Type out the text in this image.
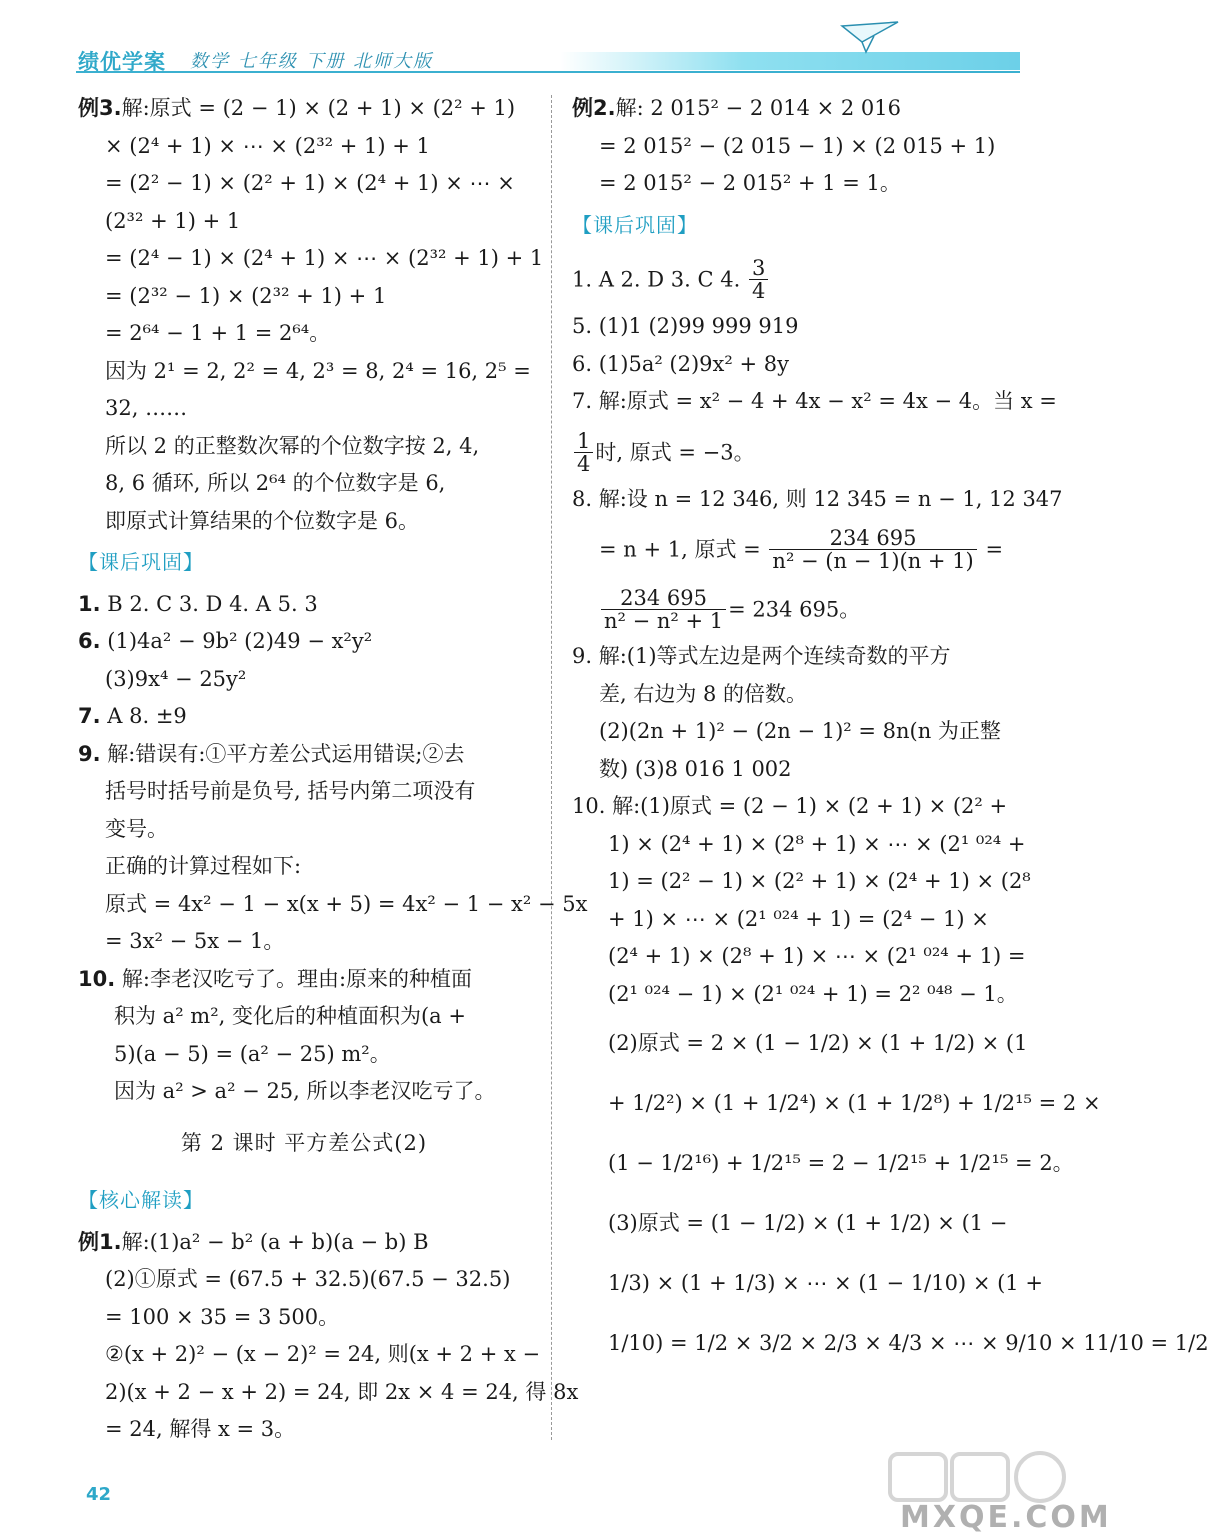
绩优学案 数学 七年级 下册 北师大版
例3.解:原式 = (2 − 1) × (2 + 1) × (2² + 1)
× (2⁴ + 1) × ⋯ × (2³² + 1) + 1
= (2² − 1) × (2² + 1) × (2⁴ + 1) × ⋯ ×
(2³² + 1) + 1
= (2⁴ − 1) × (2⁴ + 1) × ⋯ × (2³² + 1) + 1
= (2³² − 1) × (2³² + 1) + 1
= 2⁶⁴ − 1 + 1 = 2⁶⁴。
因为 2¹ = 2, 2² = 4, 2³ = 8, 2⁴ = 16, 2⁵ =
32, ……
所以 2 的正整数次幂的个位数字按 2, 4,
8, 6 循环, 所以 2⁶⁴ 的个位数字是 6,
即原式计算结果的个位数字是 6。
【课后巩固】
1. B 2. C 3. D 4. A 5. 3
6. (1)4a² − 9b² (2)49 − x²y²
(3)9x⁴ − 25y²
7. A 8. ±9
9. 解:错误有:①平方差公式运用错误;②去
括号时括号前是负号, 括号内第二项没有
变号。
正确的计算过程如下:
原式 = 4x² − 1 − x(x + 5) = 4x² − 1 − x² − 5x
= 3x² − 5x − 1。
10. 解:李老汉吃亏了。理由:原来的种植面
积为 a² m², 变化后的种植面积为(a +
5)(a − 5) = (a² − 25) m²。
因为 a² > a² − 25, 所以李老汉吃亏了。
第 2 课时 平方差公式(2)
【核心解读】
例1.解:(1)a² − b² (a + b)(a − b) B
(2)①原式 = (67.5 + 32.5)(67.5 − 32.5)
= 100 × 35 = 3 500。
②(x + 2)² − (x − 2)² = 24, 则(x + 2 + x −
2)(x + 2 − x + 2) = 24, 即 2x × 4 = 24, 得 8x
= 24, 解得 x = 3。
例2.解: 2 015² − 2 014 × 2 016
= 2 015² − (2 015 − 1) × (2 015 + 1)
= 2 015² − 2 015² + 1 = 1。
【课后巩固】
1. A 2. D 3. C 4. $\frac{3}{4}$
5. (1)1 (2)99 999 919
6. (1)5a² (2)9x² + 8y
7. 解:原式 = x² − 4 + 4x − x² = 4x − 4。当 x =
$\frac{1}{4}$ 时, 原式 = −3。
8. 解:设 n = 12 346, 则 12 345 = n − 1, 12 347
= n + 1, 原式 = $\frac{234 695}{\text{n² − (n − 1)(n + 1)}}$ =
$\frac{234 695}{\text{n² − n² + 1}} = 234$ 695。
9. 解:(1)等式左边是两个连续奇数的平方
差, 右边为 8 的倍数。
(2)(2n + 1)² − (2n − 1)² = 8n(n 为正整
数) (3)8 016 1 002
10. 解:(1)原式 = (2 − 1) × (2 + 1) × (2² +
1) × (2⁴ + 1) × (2⁸ + 1) × ⋯ × (2¹ ⁰²⁴ +
1) = (2² − 1) × (2² + 1) × (2⁴ + 1) × (2⁸
+ 1) × ⋯ × (2¹ ⁰²⁴ + 1) = (2⁴ − 1) ×
(2⁴ + 1) × (2⁸ + 1) × ⋯ × (2¹ ⁰²⁴ + 1) =
(2¹ ⁰²⁴ − 1) × (2¹ ⁰²⁴ + 1) = 2² ⁰⁴⁸ − 1。
(2)原式 = 2 × (1 − 1/2) × (1 + 1/2) × (1
+ 1/2²) × (1 + 1/2⁴) × (1 + 1/2⁸) + 1/2¹⁵ = 2 ×
(1 − 1/2¹⁶) + 1/2¹⁵ = 2 − 1/2¹⁵ + 1/2¹⁵ = 2。
(3)原式 = (1 − 1/2) × (1 + 1/2) × (1 −
1/3) × (1 + 1/3) × ⋯ × (1 − 1/10) × (1 +
1/10) = 1/2 × 3/2 × 2/3 × 4/3 × ⋯ × 9/10 × 11/10 = 1/2
42
MXQE.COM
